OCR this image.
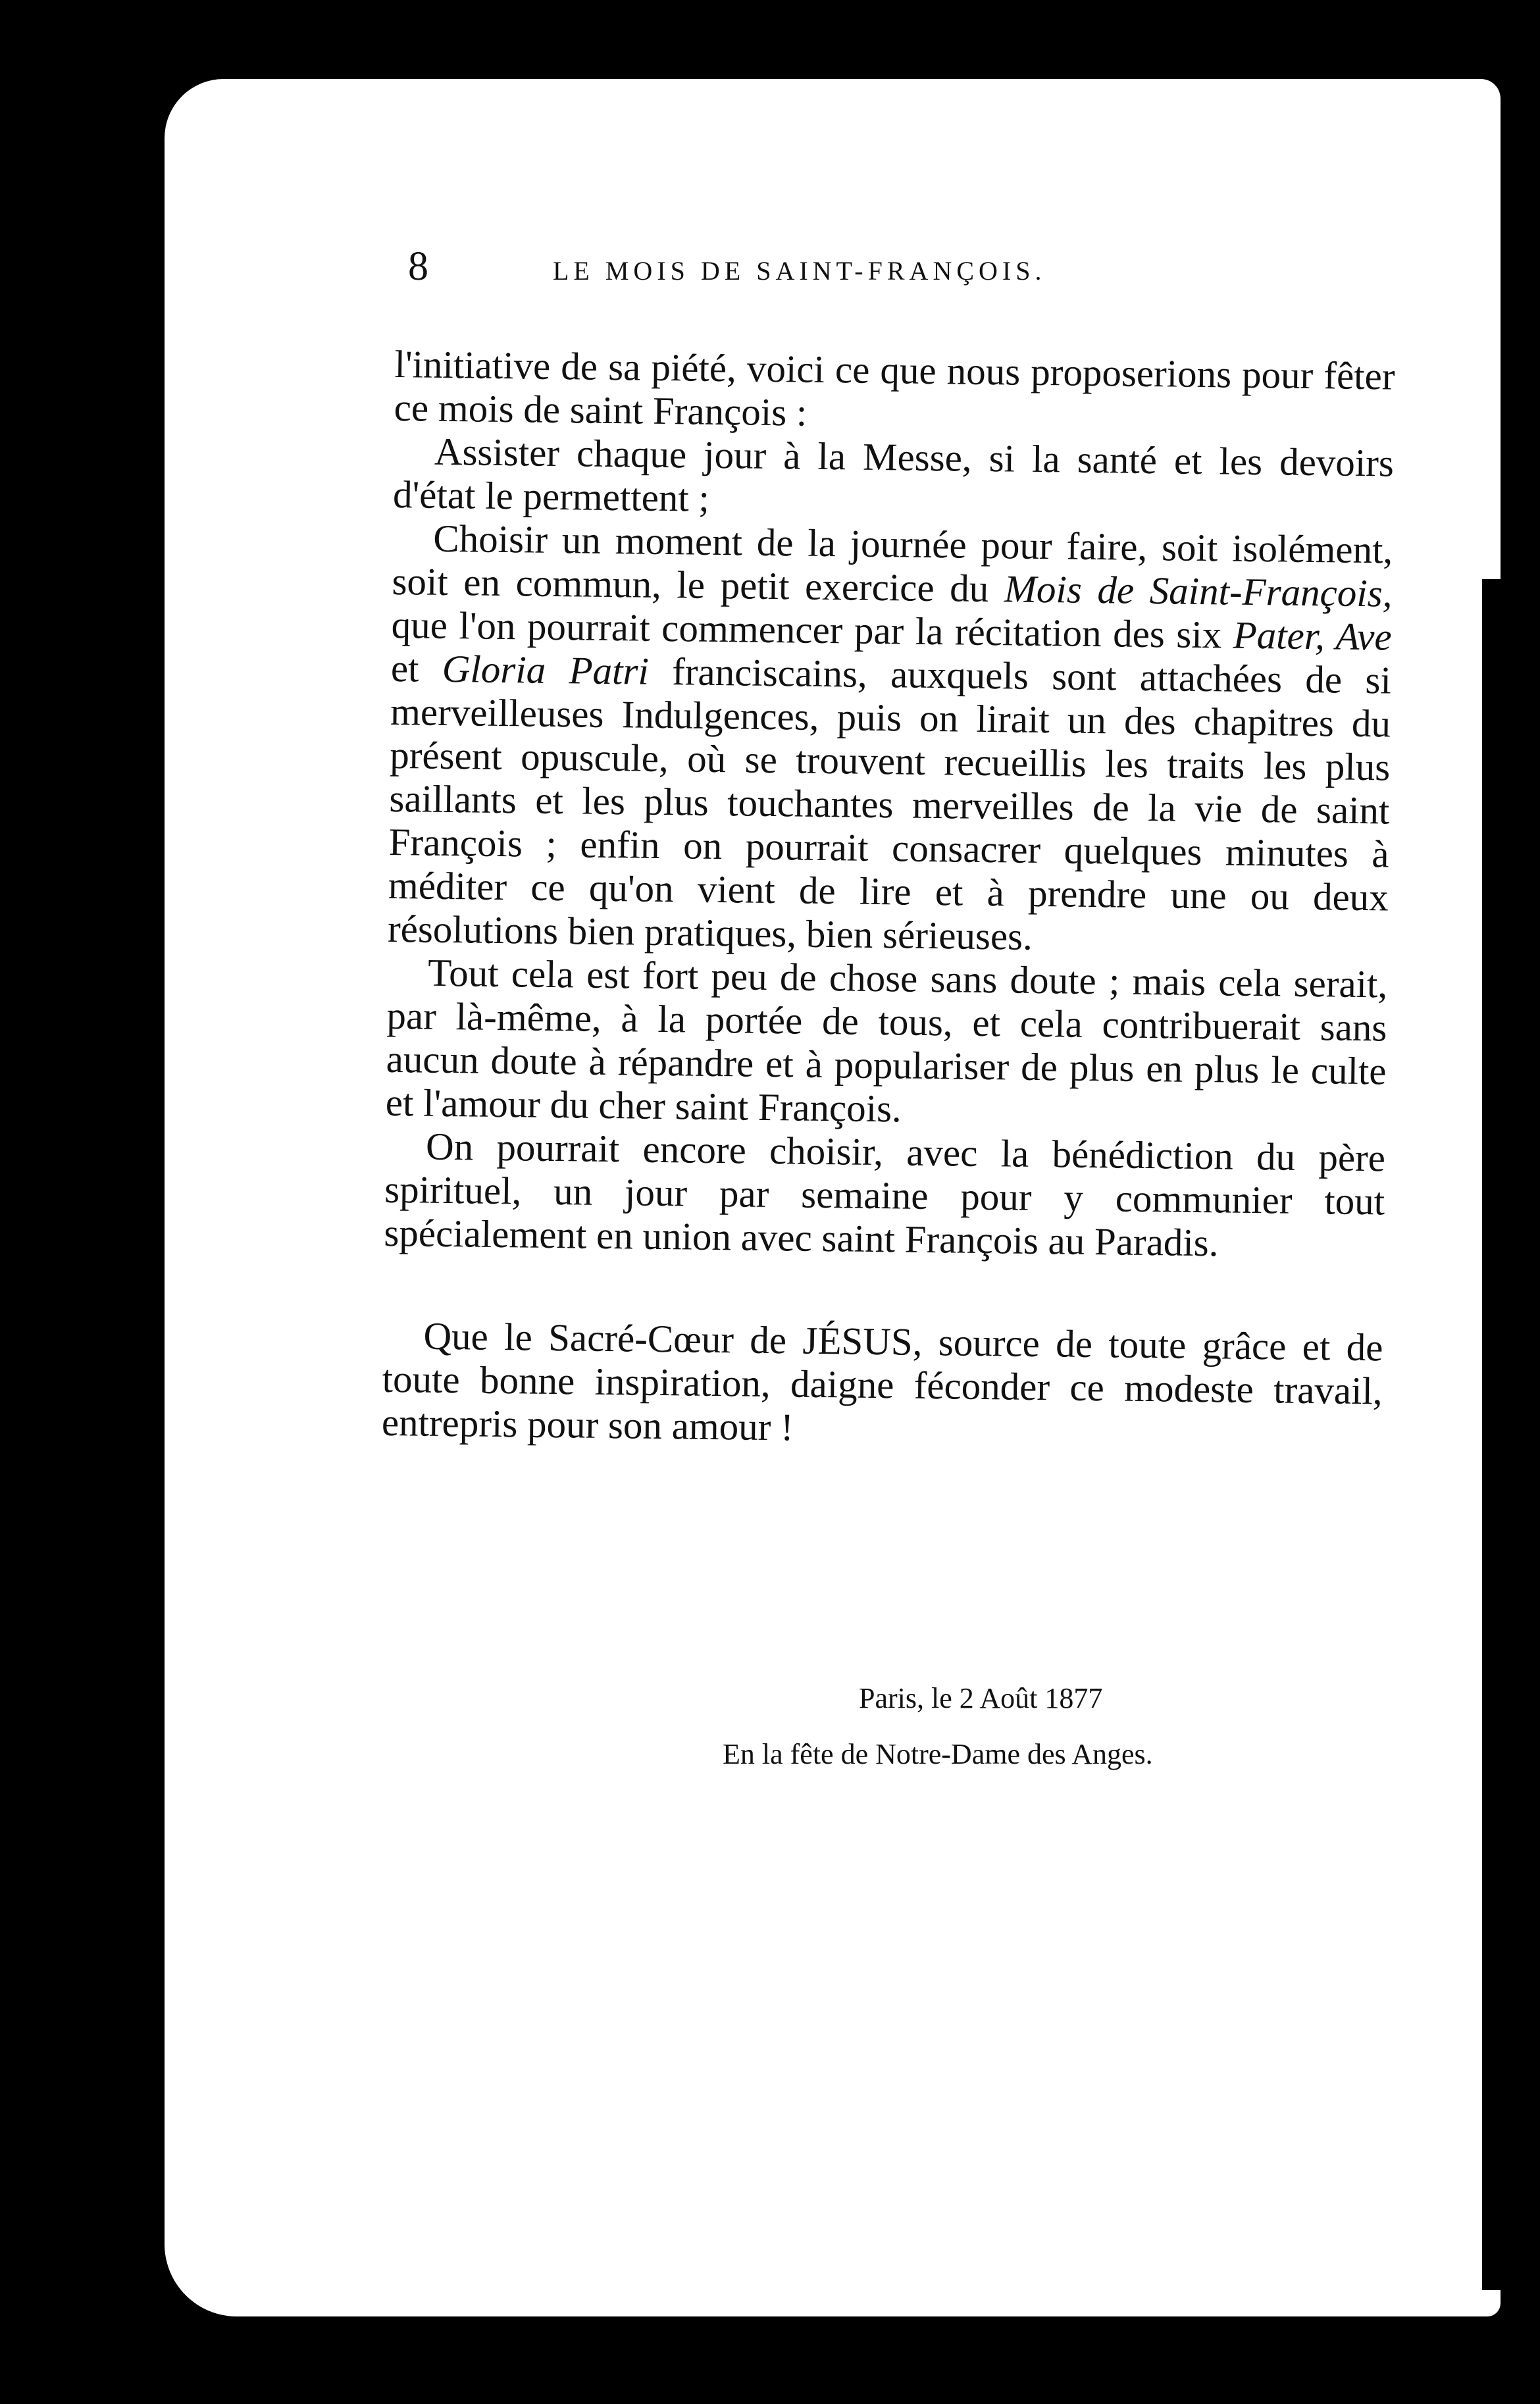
8	LE MOIS DE SAINT-FRANÇOIS.

l'initiative de sa piété, voici ce que nous proposerions pour fêter ce mois de saint François :

Assister chaque jour à la Messe, si la santé et les devoirs d'état le permettent ;

Choisir un moment de la journée pour faire, soit isolément, soit en commun, le petit exercice du Mois de Saint-François, que l'on pourrait commencer par la récitation des six Pater, Ave et Gloria Patri franciscains, auxquels sont attachées de si merveilleuses Indulgences, puis on lirait un des chapitres du présent opuscule, où se trouvent recueillis les traits les plus saillants et les plus touchantes merveilles de la vie de saint François ; enfin on pourrait consacrer quelques minutes à méditer ce qu'on vient de lire et à prendre une ou deux résolutions bien pratiques, bien sérieuses.

Tout cela est fort peu de chose sans doute ; mais cela serait, par là-même, à la portée de tous, et cela contribuerait sans aucun doute à répandre et à populariser de plus en plus le culte et l'amour du cher saint François.

On pourrait encore choisir, avec la bénédiction du père spirituel, un jour par semaine pour y communier tout spécialement en union avec saint François au Paradis.

Que le Sacré-Cœur de JÉSUS, source de toute grâce et de toute bonne inspiration, daigne féconder ce modeste travail, entrepris pour son amour !

Paris, le 2 Août 1877
En la fête de Notre-Dame des Anges.
